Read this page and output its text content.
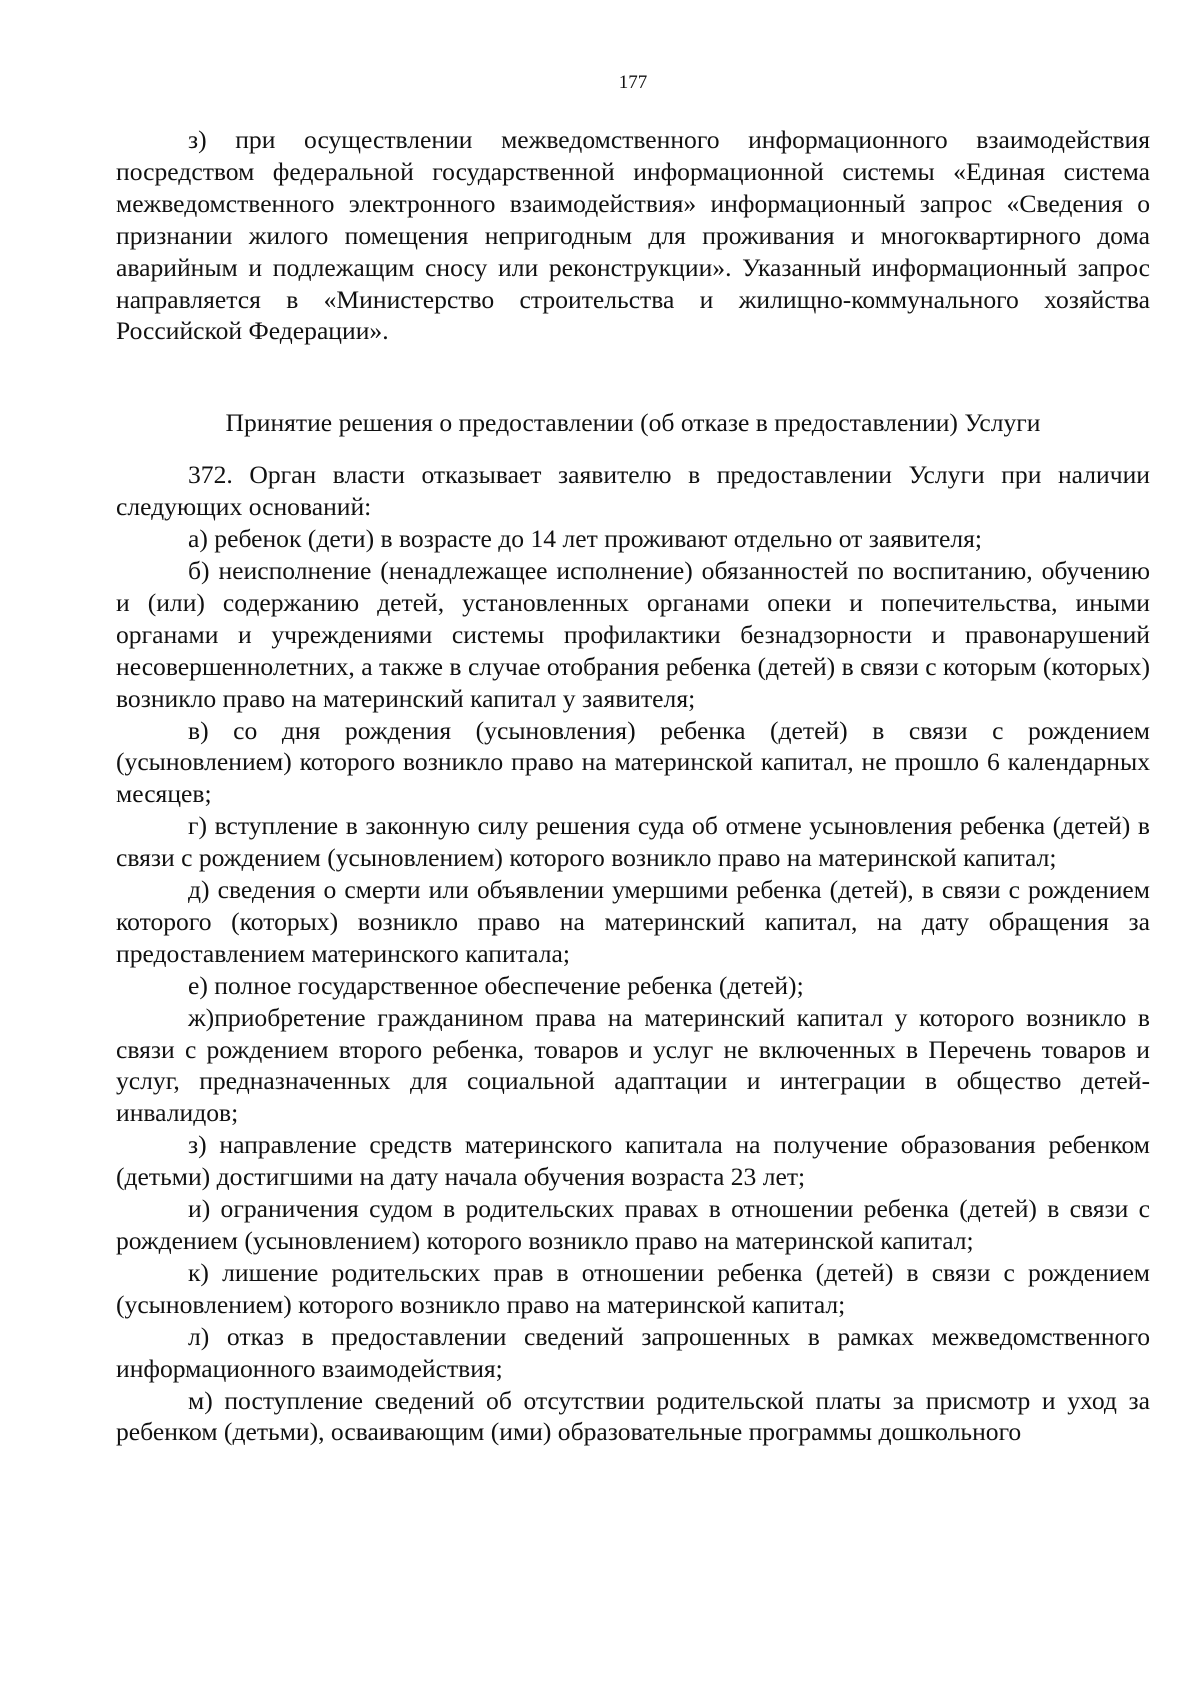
177

з) при осуществлении межведомственного информационного взаимодействия посредством федеральной государственной информационной системы «Единая система межведомственного электронного взаимодействия» информационный запрос «Сведения о признании жилого помещения непригодным для проживания и многоквартирного дома аварийным и подлежащим сносу или реконструкции». Указанный информационный запрос направляется в «Министерство строительства и жилищно-коммунального хозяйства Российской Федерации».

Принятие решения о предоставлении (об отказе в предоставлении) Услуги

372. Орган власти отказывает заявителю в предоставлении Услуги при наличии следующих оснований:

а) ребенок (дети) в возрасте до 14 лет проживают отдельно от заявителя;

б) неисполнение (ненадлежащее исполнение) обязанностей по воспитанию, обучению и (или) содержанию детей, установленных органами опеки и попечительства, иными органами и учреждениями системы профилактики безнадзорности и правонарушений несовершеннолетних, а также в случае отобрания ребенка (детей) в связи с которым (которых) возникло право на материнский капитал у заявителя;

в) со дня рождения (усыновления) ребенка (детей) в связи с рождением (усыновлением) которого возникло право на материнской капитал, не прошло 6 календарных месяцев;

г) вступление в законную силу решения суда об отмене усыновления ребенка (детей) в связи с рождением (усыновлением) которого возникло право на материнской капитал;

д) сведения о смерти или объявлении умершими ребенка (детей), в связи с рождением которого (которых) возникло право на материнский капитал, на дату обращения за предоставлением материнского капитала;

е) полное государственное обеспечение ребенка (детей);

ж)приобретение гражданином права на материнский капитал у которого возникло в связи с рождением второго ребенка, товаров и услуг не включенных в Перечень товаров и услуг, предназначенных для социальной адаптации и интеграции в общество детей-инвалидов;

з) направление средств материнского капитала на получение образования ребенком (детьми) достигшими на дату начала обучения возраста 23 лет;

и) ограничения судом в родительских правах в отношении ребенка (детей) в связи с рождением (усыновлением) которого возникло право на материнской капитал;

к) лишение родительских прав в отношении ребенка (детей) в связи с рождением (усыновлением) которого возникло право на материнской капитал;

л) отказ в предоставлении сведений запрошенных в рамках межведомственного информационного взаимодействия;

м) поступление сведений об отсутствии родительской платы за присмотр и уход за ребенком (детьми), осваивающим (ими) образовательные программы дошкольного
